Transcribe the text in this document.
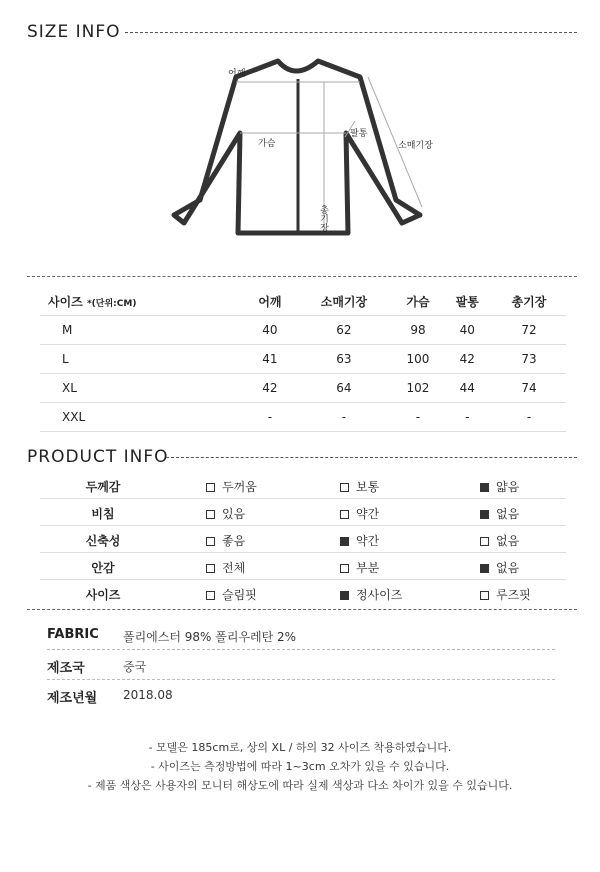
SIZE INFO
어깨
가슴
팔통
소매기장
총기장
사이즈 *(단위:CM)	어깨	소매기장	가슴	팔통	총기장
M	40	62	98	40	72
L	41	63	100	42	73
XL	42	64	102	44	74
XXL	-	-	-	-	-
PRODUCT INFO
두께감	두꺼움	보통	얇음
비침	있음	약간	없음
신축성	좋음	약간	없음
안감	전체	부분	없음
사이즈	슬림핏	정사이즈	루즈핏
FABRIC 폴리에스터 98% 폴리우레탄 2%
제조국	중국
제조년월 2018.08
- 모델은 185cm로, 상의 XL / 하의 32 사이즈 착용하였습니다.
- 사이즈는 측정방법에 따라 1~3cm 오차가 있을 수 있습니다.
- 제품 색상은 사용자의 모니터 해상도에 따라 실제 색상과 다소 차이가 있을 수 있습니다.
